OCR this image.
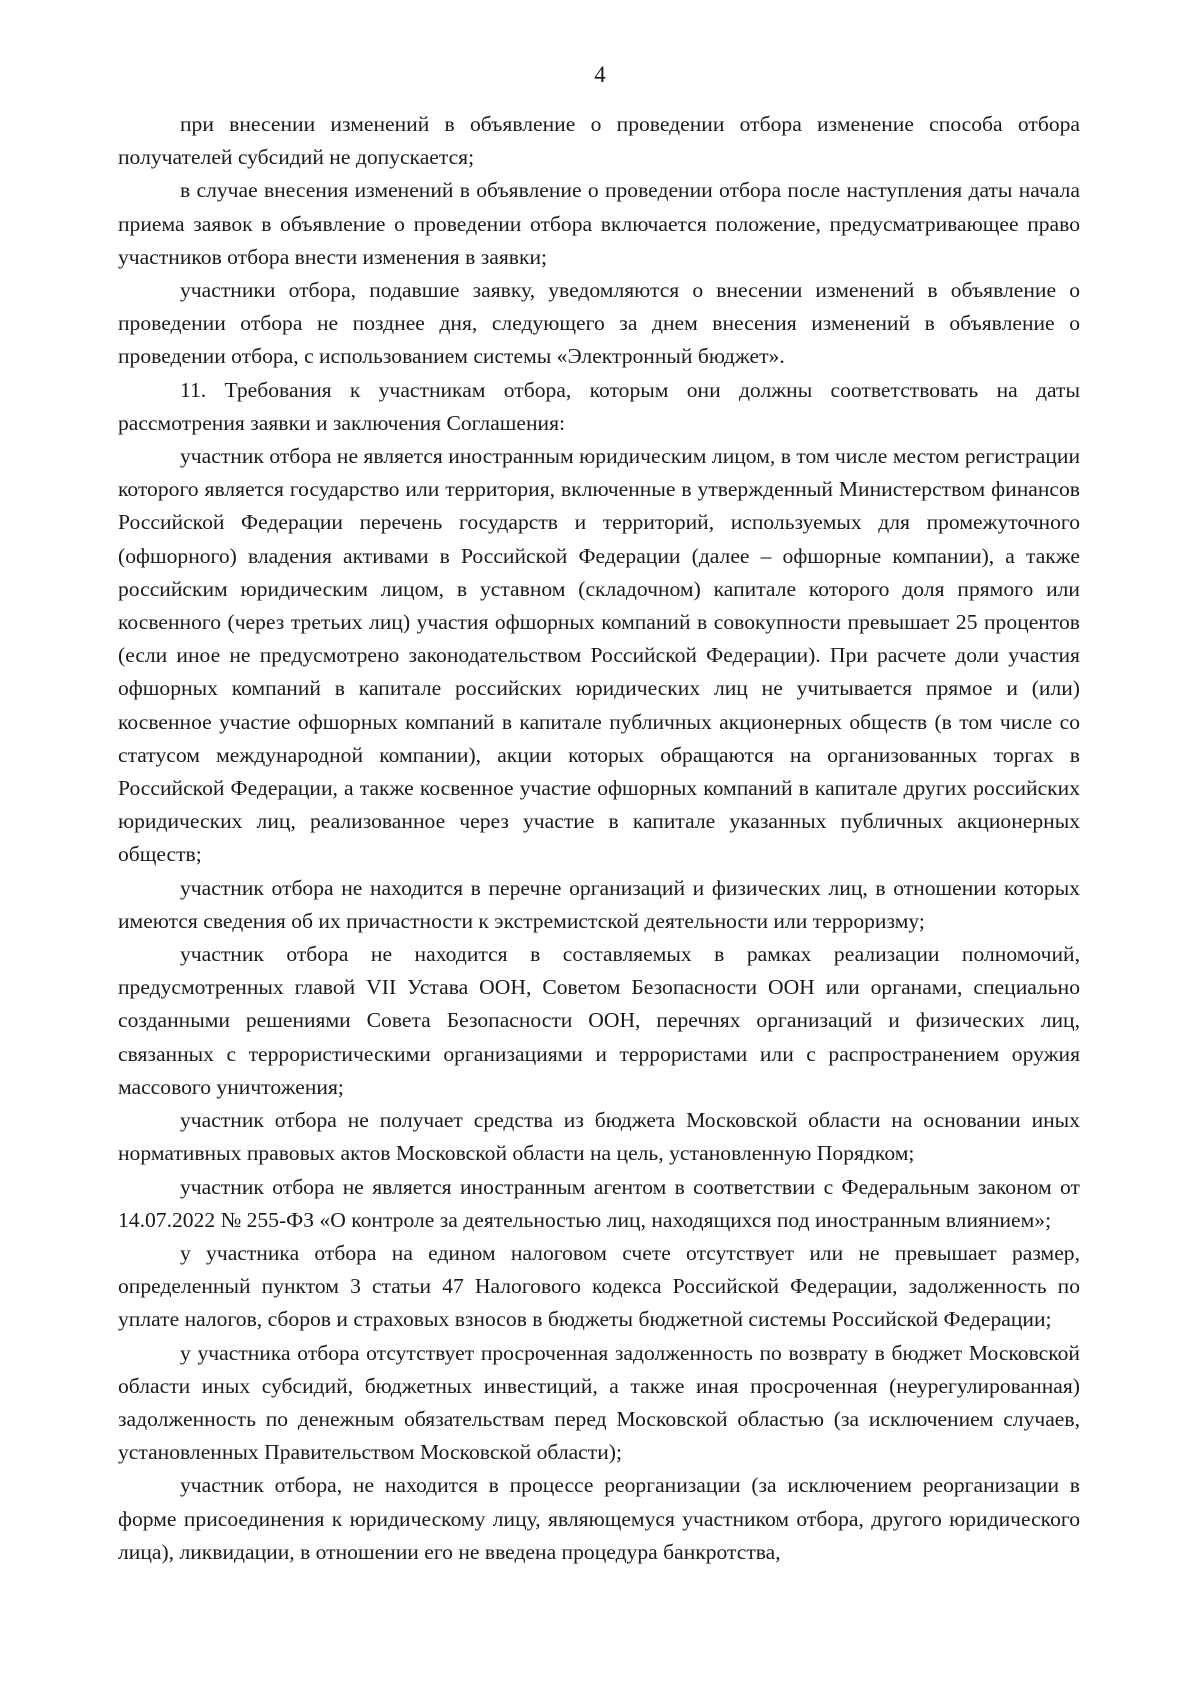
4

при внесении изменений в объявление о проведении отбора изменение способа отбора получателей субсидий не допускается;

в случае внесения изменений в объявление о проведении отбора после наступления даты начала приема заявок в объявление о проведении отбора включается положение, предусматривающее право участников отбора внести изменения в заявки;

участники отбора, подавшие заявку, уведомляются о внесении изменений в объявление о проведении отбора не позднее дня, следующего за днем внесения изменений в объявление о проведении отбора, с использованием системы «Электронный бюджет».

11. Требования к участникам отбора, которым они должны соответствовать на даты рассмотрения заявки и заключения Соглашения:

участник отбора не является иностранным юридическим лицом, в том числе местом регистрации которого является государство или территория, включенные в утвержденный Министерством финансов Российской Федерации перечень государств и территорий, используемых для промежуточного (офшорного) владения активами в Российской Федерации (далее – офшорные компании), а также российским юридическим лицом, в уставном (складочном) капитале которого доля прямого или косвенного (через третьих лиц) участия офшорных компаний в совокупности превышает 25 процентов (если иное не предусмотрено законодательством Российской Федерации). При расчете доли участия офшорных компаний в капитале российских юридических лиц не учитывается прямое и (или) косвенное участие офшорных компаний в капитале публичных акционерных обществ (в том числе со статусом международной компании), акции которых обращаются на организованных торгах в Российской Федерации, а также косвенное участие офшорных компаний в капитале других российских юридических лиц, реализованное через участие в капитале указанных публичных акционерных обществ;

участник отбора не находится в перечне организаций и физических лиц, в отношении которых имеются сведения об их причастности к экстремистской деятельности или терроризму;

участник отбора не находится в составляемых в рамках реализации полномочий, предусмотренных главой VII Устава ООН, Советом Безопасности ООН или органами, специально созданными решениями Совета Безопасности ООН, перечнях организаций и физических лиц, связанных с террористическими организациями и террористами или с распространением оружия массового уничтожения;

участник отбора не получает средства из бюджета Московской области на основании иных нормативных правовых актов Московской области на цель, установленную Порядком;

участник отбора не является иностранным агентом в соответствии с Федеральным законом от 14.07.2022 № 255-ФЗ «О контроле за деятельностью лиц, находящихся под иностранным влиянием»;

у участника отбора на едином налоговом счете отсутствует или не превышает размер, определенный пунктом 3 статьи 47 Налогового кодекса Российской Федерации, задолженность по уплате налогов, сборов и страховых взносов в бюджеты бюджетной системы Российской Федерации;

у участника отбора отсутствует просроченная задолженность по возврату в бюджет Московской области иных субсидий, бюджетных инвестиций, а также иная просроченная (неурегулированная) задолженность по денежным обязательствам перед Московской областью (за исключением случаев, установленных Правительством Московской области);

участник отбора, не находится в процессе реорганизации (за исключением реорганизации в форме присоединения к юридическому лицу, являющемуся участником отбора, другого юридического лица), ликвидации, в отношении его не введена процедура банкротства,
